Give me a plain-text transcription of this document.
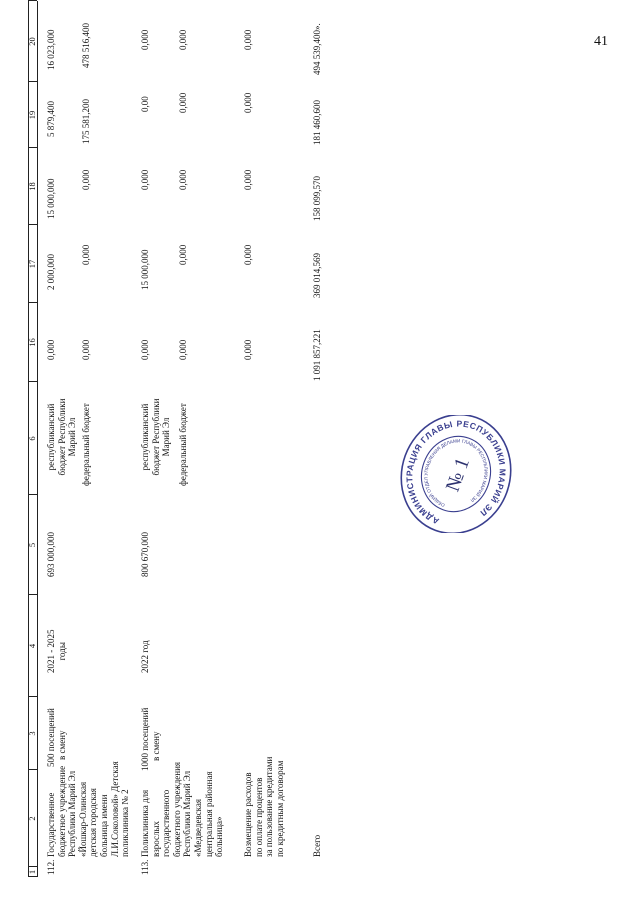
41
1
2
3
4
5
6
16
17
18
19
20
112.
Государственное бюджетное учреждение Республики Марий Эл «Йошкар-Олинская детская городская больница имени Л.И.Соколовой» Детская поликлиника № 2
500 посещений в смену
2021 - 2025 годы
693 000,000
республиканский бюджет Республики Марий Эл
0,000
2 000,000
15 000,000
5 879,400
16 023,000
федеральный бюджет
0,000
0,000
0,000
175 581,200
478 516,400
113.
Поликлиника для взрослых государственного бюджетного учреждения Республики Марий Эл «Медведевская центральная районная больница»
1000 посещений в смену
2022 год
800 670,000
республиканский бюджет Республики Марий Эл
0,000
15 000,000
0,000
0,00
0,000
федеральный бюджет
0,000
0,000
0,000
0,000
0,000
Возмещение расходов по оплате процентов за пользование кредитами по кредитным договорам
0,000
0,000
0,000
0,000
0,000
Всего
1 091 857,221
369 014,569
158 099,570
181 460,600
494 539,400».
АДМИНИСТРАЦИЯ ГЛАВЫ РЕСПУБЛИКИ МАРИЙ ЭЛ
ОБЩИЙ ОТДЕЛ УПРАВЛЕНИЯ ДЕЛАМИ ГЛАВЫ РЕСПУБЛИКИ МАРИЙ ЭЛ
№ 1
